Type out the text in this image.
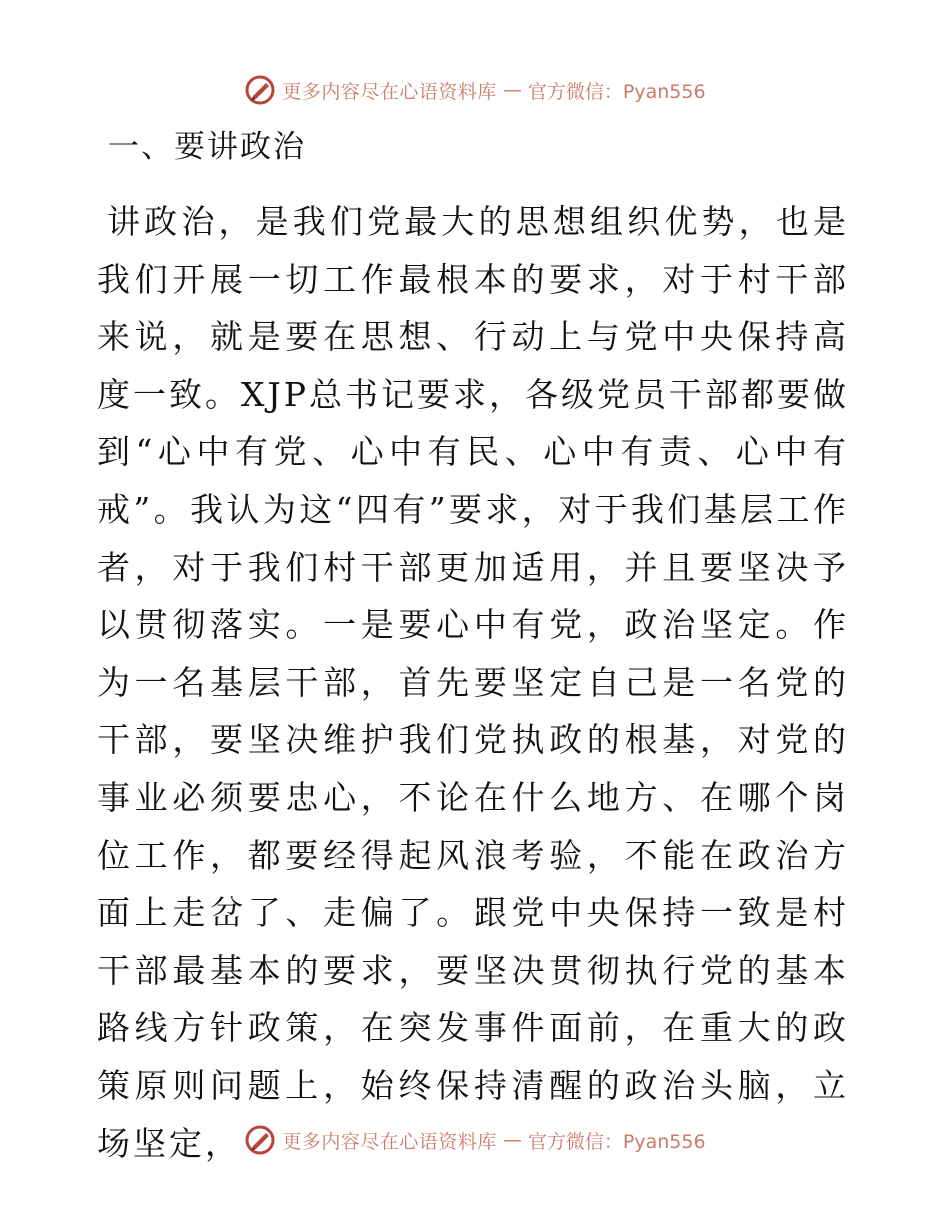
更多内容尽在心语资料库 — 官方微信：Pyan556
一、要讲政治

讲政治，是我们党最大的思想组织优势，也是我们开展一切工作最根本的要求，对于村干部来说，就是要在思想、行动上与党中央保持高度一致。XJP总书记要求，各级党员干部都要做到“心中有党、心中有民、心中有责、心中有戒”。我认为这“四有”要求，对于我们基层工作者，对于我们村干部更加适用，并且要坚决予以贯彻落实。一是要心中有党，政治坚定。作为一名基层干部，首先要坚定自己是一名党的干部，要坚决维护我们党执政的根基，对党的事业必须要忠心，不论在什么地方、在哪个岗位工作，都要经得起风浪考验，不能在政治方面上走岔了、走偏了。跟党中央保持一致是村干部最基本的要求，要坚决贯彻执行党的基本路线方针政策，在突发事件面前，在重大的政策原则问题上，始终保持清醒的政治头脑，立场坚定，	更多内容尽在心语资料库 — 官方微信：Pyan556
